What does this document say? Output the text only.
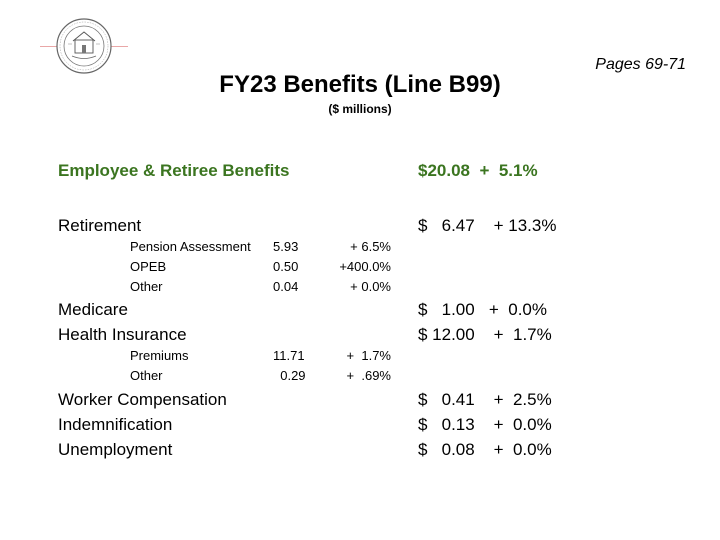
Pages 69-71
FY23 Benefits (Line B99)
($ millions)
Employee & Retiree Benefits	$20.08  +  5.1%
Retirement	$   6.47    + 13.3%
Pension Assessment 5.93	+ 6.5%
OPEB	0.50	+400.0%
Other	0.04	+ 0.0%
Medicare	$   1.00   +  0.0%
Health Insurance	$ 12.00    +  1.7%
Premiums	11.71	+  1.7%
Other	0.29	+  .69%
Worker Compensation	$   0.41    +  2.5%
Indemnification	$   0.13    +  0.0%
Unemployment	$   0.08    +  0.0%
